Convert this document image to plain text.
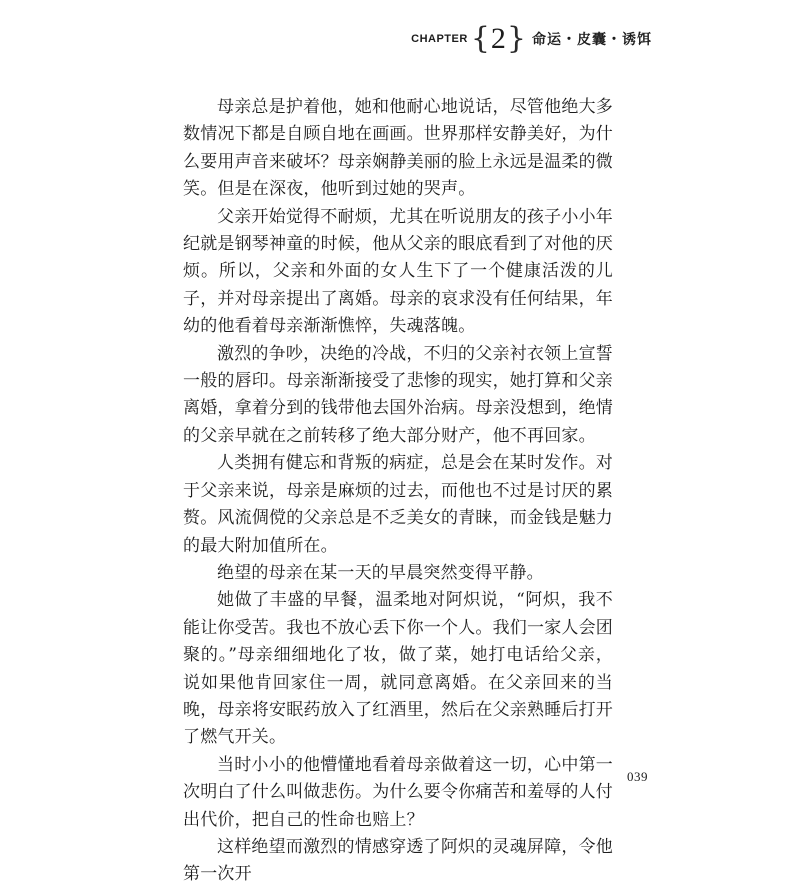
CHAPTER { 2 } 命运・皮囊・诱饵

母亲总是护着他，她和他耐心地说话，尽管他绝大多数情况下都是自顾自地在画画。世界那样安静美好，为什么要用声音来破坏？母亲娴静美丽的脸上永远是温柔的微笑。但是在深夜，他听到过她的哭声。

父亲开始觉得不耐烦，尤其在听说朋友的孩子小小年纪就是钢琴神童的时候，他从父亲的眼底看到了对他的厌烦。所以，父亲和外面的女人生下了一个健康活泼的儿子，并对母亲提出了离婚。母亲的哀求没有任何结果，年幼的他看着母亲渐渐憔悴，失魂落魄。

激烈的争吵，决绝的冷战，不归的父亲衬衣领上宣誓一般的唇印。母亲渐渐接受了悲惨的现实，她打算和父亲离婚，拿着分到的钱带他去国外治病。母亲没想到，绝情的父亲早就在之前转移了绝大部分财产，他不再回家。

人类拥有健忘和背叛的病症，总是会在某时发作。对于父亲来说，母亲是麻烦的过去，而他也不过是讨厌的累赘。风流倜傥的父亲总是不乏美女的青睐，而金钱是魅力的最大附加值所在。

绝望的母亲在某一天的早晨突然变得平静。

她做了丰盛的早餐，温柔地对阿炽说，“阿炽，我不能让你受苦。我也不放心丢下你一个人。我们一家人会团聚的。”母亲细细地化了妆，做了菜，她打电话给父亲，说如果他肯回家住一周，就同意离婚。在父亲回来的当晚，母亲将安眠药放入了红酒里，然后在父亲熟睡后打开了燃气开关。

当时小小的他懵懂地看着母亲做着这一切，心中第一次明白了什么叫做悲伤。为什么要令你痛苦和羞辱的人付出代价，把自己的性命也赔上？

这样绝望而激烈的情感穿透了阿炽的灵魂屏障，令他第一次开

039
